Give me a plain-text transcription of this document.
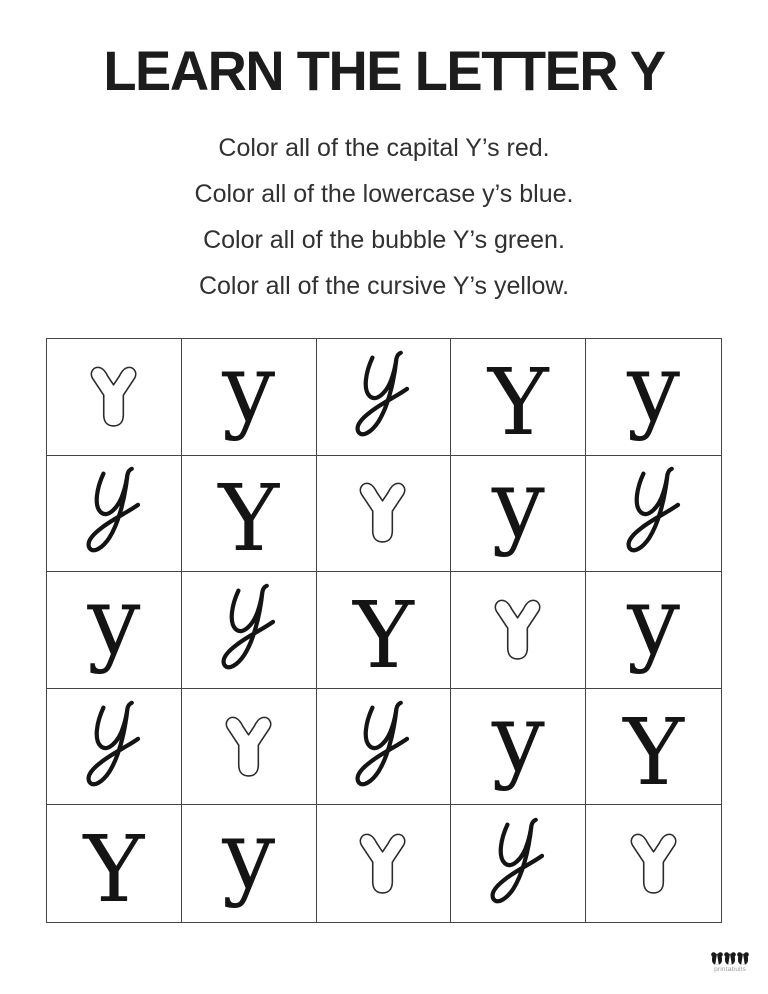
LEARN THE LETTER Y

Color all of the capital Y’s red.

Color all of the lowercase y’s blue.

Color all of the bubble Y’s green.

Color all of the cursive Y’s yellow.

y Y y
Y y
y Y y
y Y
Y y
printabulls
